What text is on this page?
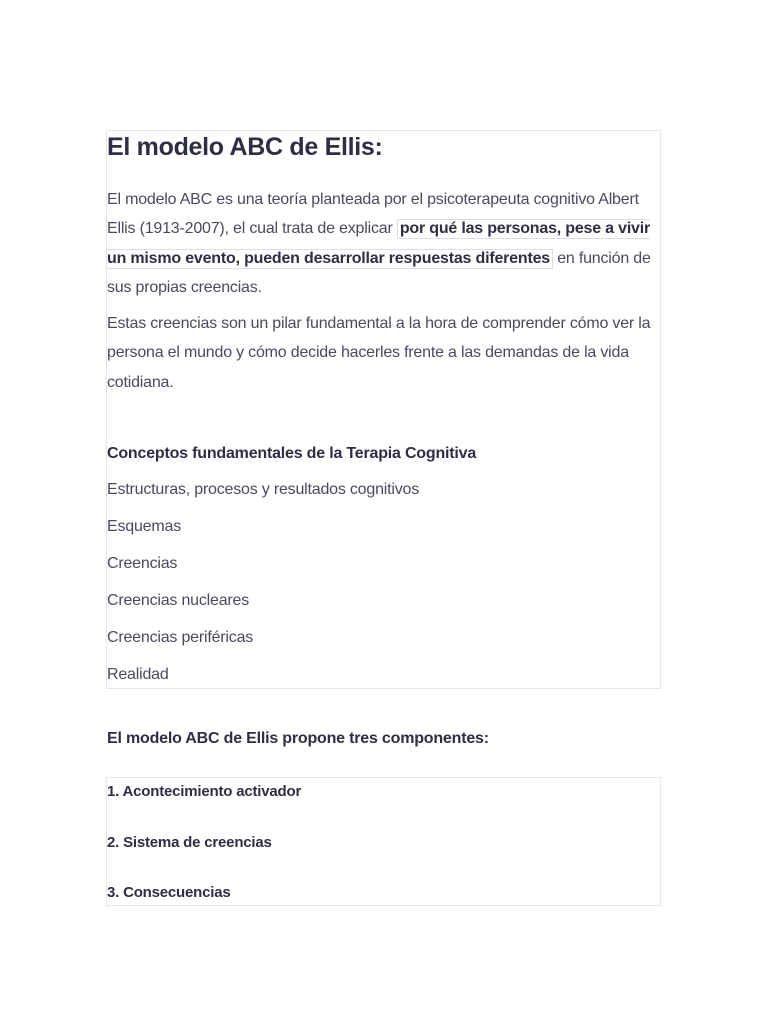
El modelo ABC de Ellis:

El modelo ABC es una teoría planteada por el psicoterapeuta cognitivo Albert Ellis (1913-2007), el cual trata de explicar por qué las personas, pese a vivir un mismo evento, pueden desarrollar respuestas diferentes en función de sus propias creencias.

Estas creencias son un pilar fundamental a la hora de comprender cómo ver la persona el mundo y cómo decide hacerles frente a las demandas de la vida cotidiana.

Conceptos fundamentales de la Terapia Cognitiva
Estructuras, procesos y resultados cognitivos
Esquemas
Creencias
Creencias nucleares
Creencias periféricas
Realidad
El modelo ABC de Ellis propone tres componentes:
1. Acontecimiento activador
2. Sistema de creencias
3. Consecuencias
